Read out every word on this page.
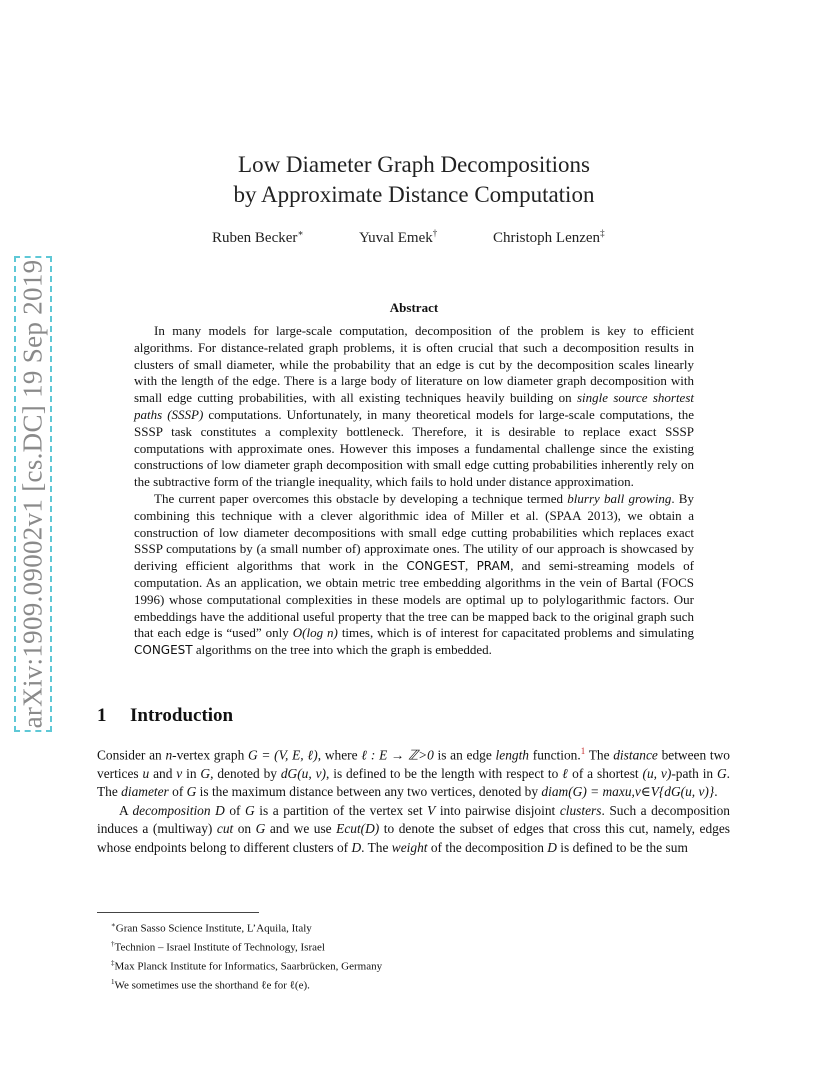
arXiv:1909.09002v1 [cs.DC] 19 Sep 2019
Low Diameter Graph Decompositions
by Approximate Distance Computation
Ruben Becker∗	Yuval Emek†	Christoph Lenzen‡
Abstract

In many models for large-scale computation, decomposition of the problem is key to efficient algorithms. For distance-related graph problems, it is often crucial that such a decomposition results in clusters of small diameter, while the probability that an edge is cut by the decomposition scales linearly with the length of the edge. There is a large body of literature on low diameter graph decomposition with small edge cutting probabilities, with all existing techniques heavily building on single source shortest paths (SSSP) computations. Unfortunately, in many theoretical models for large-scale computations, the SSSP task constitutes a complexity bottleneck. Therefore, it is desirable to replace exact SSSP computations with approximate ones. However this imposes a fundamental challenge since the existing constructions of low diameter graph decomposition with small edge cutting probabilities inherently rely on the subtractive form of the triangle inequality, which fails to hold under distance approximation.

The current paper overcomes this obstacle by developing a technique termed blurry ball growing. By combining this technique with a clever algorithmic idea of Miller et al. (SPAA 2013), we obtain a construction of low diameter decompositions with small edge cutting probabilities which replaces exact SSSP computations by (a small number of) approximate ones. The utility of our approach is showcased by deriving efficient algorithms that work in the CONGEST, PRAM, and semi-streaming models of computation. As an application, we obtain metric tree embedding algorithms in the vein of Bartal (FOCS 1996) whose computational complexities in these models are optimal up to polylogarithmic factors. Our embeddings have the additional useful property that the tree can be mapped back to the original graph such that each edge is “used” only O(log n) times, which is of interest for capacitated problems and simulating CONGEST algorithms on the tree into which the graph is embedded.

1 Introduction

Consider an n-vertex graph G = (V, E, ℓ), where ℓ : E → ℤ>0 is an edge length function.$^1$ The distance between two vertices u and v in G, denoted by dG(u, v), is defined to be the length with respect to ℓ of a shortest (u, v)-path in G. The diameter of G is the maximum distance between any two vertices, denoted by diam(G) = maxu,v∈V{dG(u, v)}.

A decomposition D of G is a partition of the vertex set V into pairwise disjoint clusters. Such a decomposition induces a (multiway) cut on G and we use Ecut(D) to denote the subset of edges that cross this cut, namely, edges whose endpoints belong to different clusters of D. The weight of the decomposition D is defined to be the sum

∗Gran Sasso Science Institute, L’Aquila, Italy
†Technion – Israel Institute of Technology, Israel
‡Max Planck Institute for Informatics, Saarbrücken, Germany
$^1$We sometimes use the shorthand ℓe for ℓ(e).
